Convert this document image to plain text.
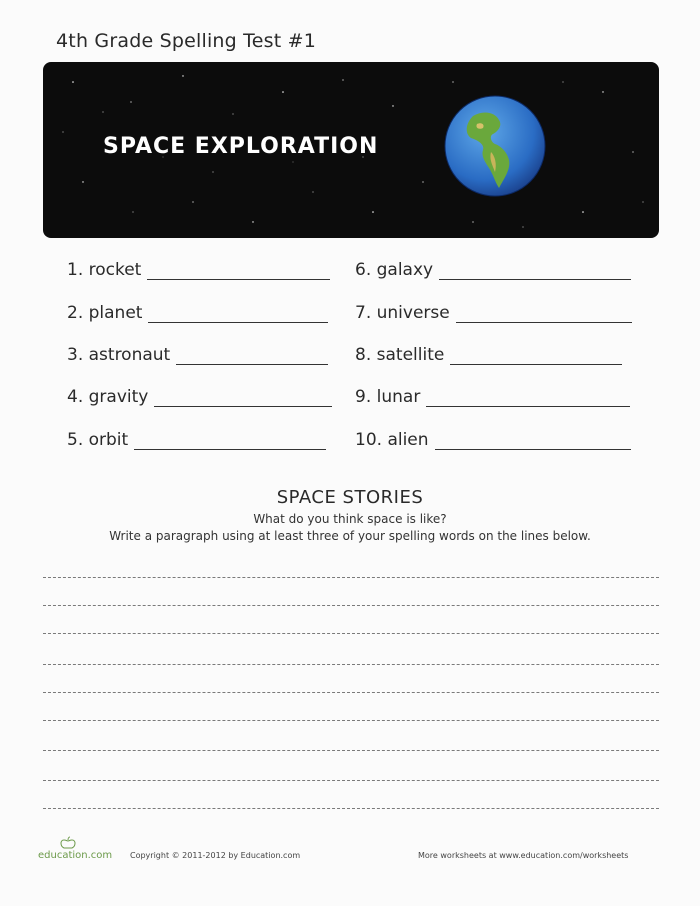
4th Grade Spelling Test #1
SPACE EXPLORATION
1. rocket
2. planet
3. astronaut
4. gravity
5. orbit
6. galaxy
7. universe
8. satellite
9. lunar
10. alien
SPACE STORIES
What do you think space is like?
Write a paragraph using at least three of your spelling words on the lines below.
education.com Copyright © 2011-2012 by Education.com	More worksheets at www.education.com/worksheets
